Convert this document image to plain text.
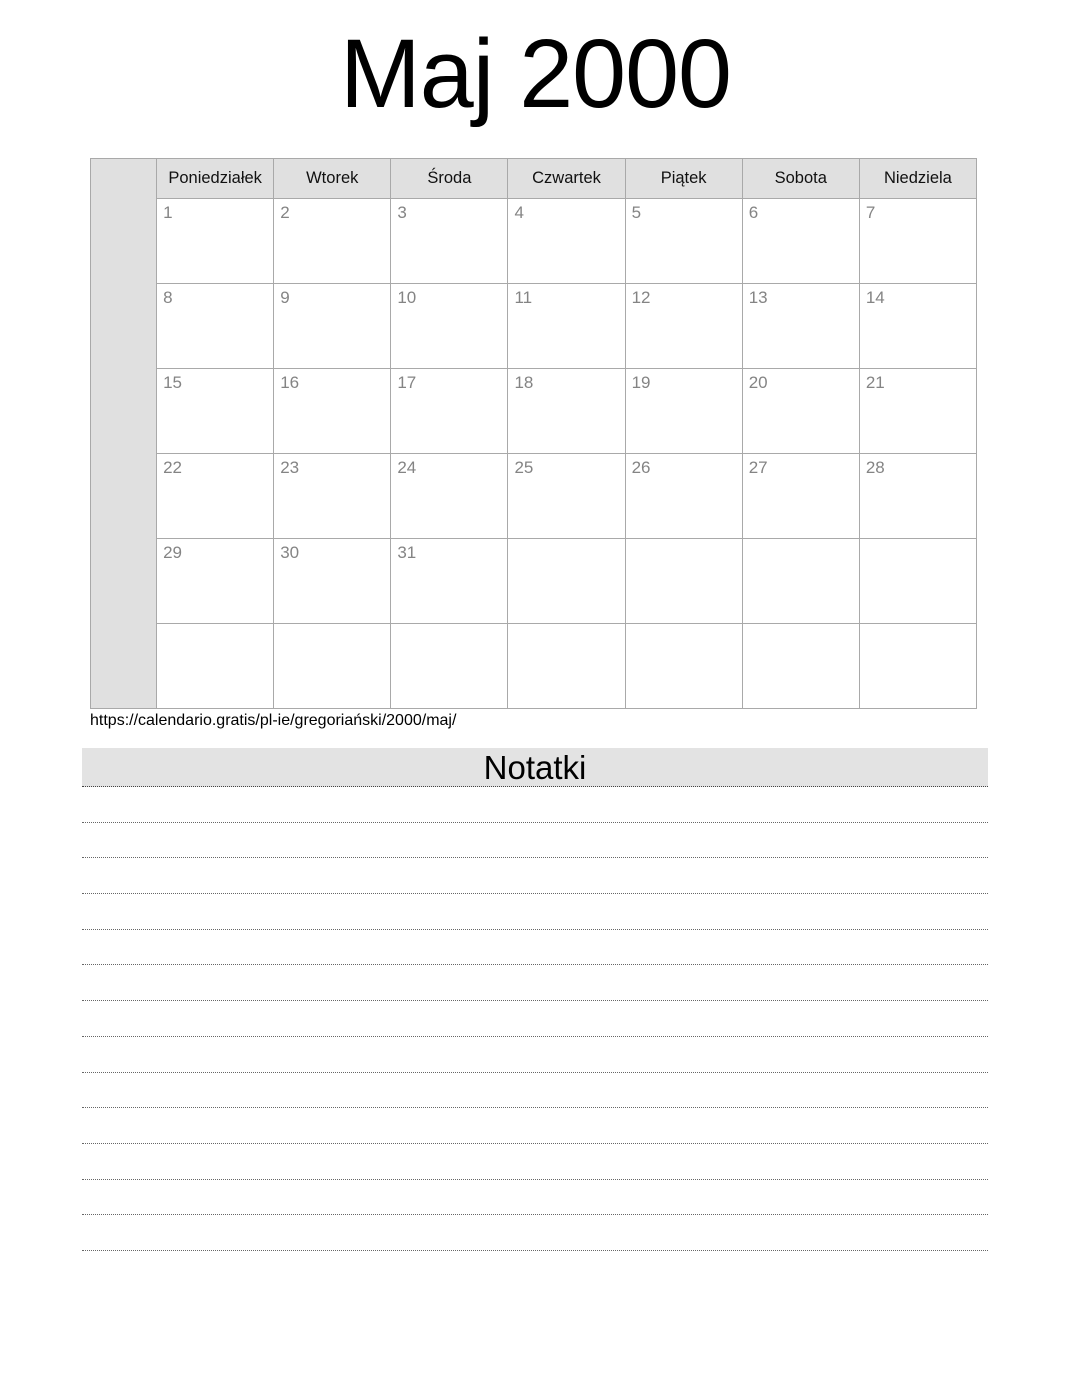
Maj 2000
	Poniedziałek	Wtorek	Środa	Czwartek	Piątek	Sobota	Niedziela
	1	2	3	4	5	6	7
	8	9	10	11	12	13	14
	15	16	17	18	19	20	21
	22	23	24	25	26	27	28
	29	30	31				

https://calendario.gratis/pl-ie/gregoriański/2000/maj/
Notatki
